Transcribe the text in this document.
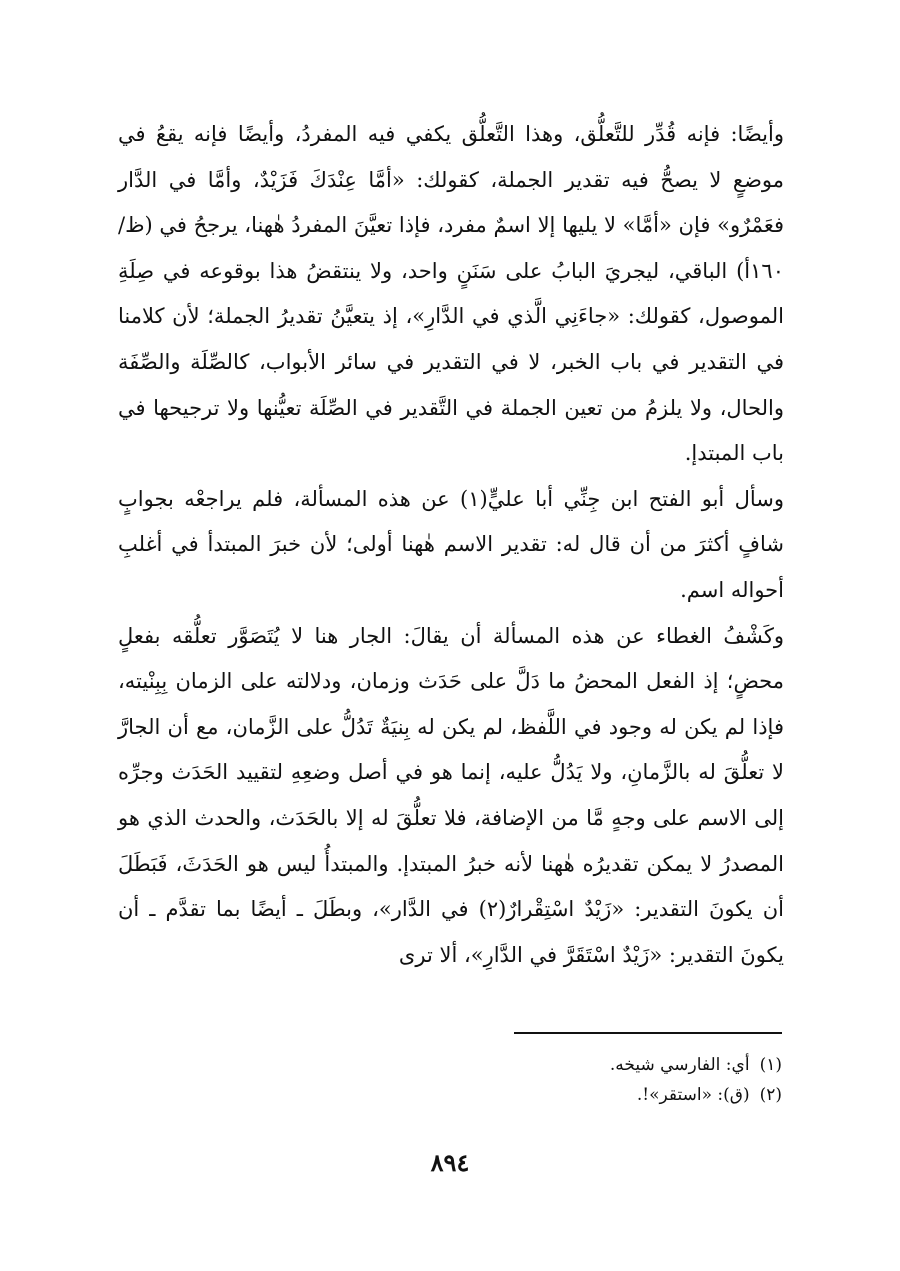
وأيضًا: فإنه قُدِّر للتَّعلُّق، وهذا التَّعلُّق يكفي فيه المفردُ، وأيضًا فإنه يقعُ في موضعٍ لا يصحُّ فيه تقدير الجملة، كقولك: «أمَّا عِنْدَكَ فَزَيْدٌ، وأمَّا في الدَّار فعَمْرٌو» فإن «أمَّا» لا يليها إلا اسمٌ مفرد، فإذا تعيَّنَ المفردُ هٰهنا، يرجحُ في (ظ/١٦٠أ) الباقي، ليجريَ البابُ على سَنَنٍ واحد، ولا ينتقضُ هذا بوقوعه في صِلَةِ الموصول، كقولك: «جاءَنِي الَّذي في الدَّارِ»، إذ يتعيَّنُ تقديرُ الجملة؛ لأن كلامنا في التقدير في باب الخبر، لا في التقدير في سائر الأبواب، كالصِّلَة والصِّفَة والحال، ولا يلزمُ من تعين الجملة في التَّقدير في الصِّلَة تعيُّنها ولا ترجيحها في باب المبتدإ.

وسأل أبو الفتح ابن جِنِّي أبا عليٍّ(١) عن هذه المسألة، فلم يراجعْه بجوابٍ شافٍ أكثرَ من أن قال له: تقدير الاسم هٰهنا أولى؛ لأن خبرَ المبتدأ في أغلبِ أحواله اسم.

وكَشْفُ الغطاء عن هذه المسألة أن يقالَ: الجار هنا لا يُتَصَوَّر تعلُّقه بفعلٍ محضٍ؛ إذ الفعل المحضُ ما دَلَّ على حَدَث وزمان، ودلالته على الزمان بِبِنْيته، فإذا لم يكن له وجود في اللَّفظ، لم يكن له بِنيَةٌ تَدُلُّ على الزَّمان، مع أن الجارَّ لا تعلُّقَ له بالزَّمانِ، ولا يَدُلُّ عليه، إنما هو في أصل وضعِهِ لتقييد الحَدَث وجرِّه إلى الاسم على وجهٍ مَّا من الإضافة، فلا تعلُّقَ له إلا بالحَدَث، والحدث الذي هو المصدرُ لا يمكن تقديرُه هٰهنا لأنه خبرُ المبتدإ. والمبتدأُ ليس هو الحَدَثَ، فَبَطَلَ أن يكونَ التقدير: «زَيْدٌ اسْتِقْرارٌ(٢) في الدَّار»، وبطَلَ ـ أيضًا بما تقدَّم ـ أن يكونَ التقدير: «زَيْدٌ اسْتَقَرَّ في الدَّارِ»، ألا ترى

(١)أي: الفارسي شيخه.

(٢)(ق): «استقر»!.

٨٩٤
